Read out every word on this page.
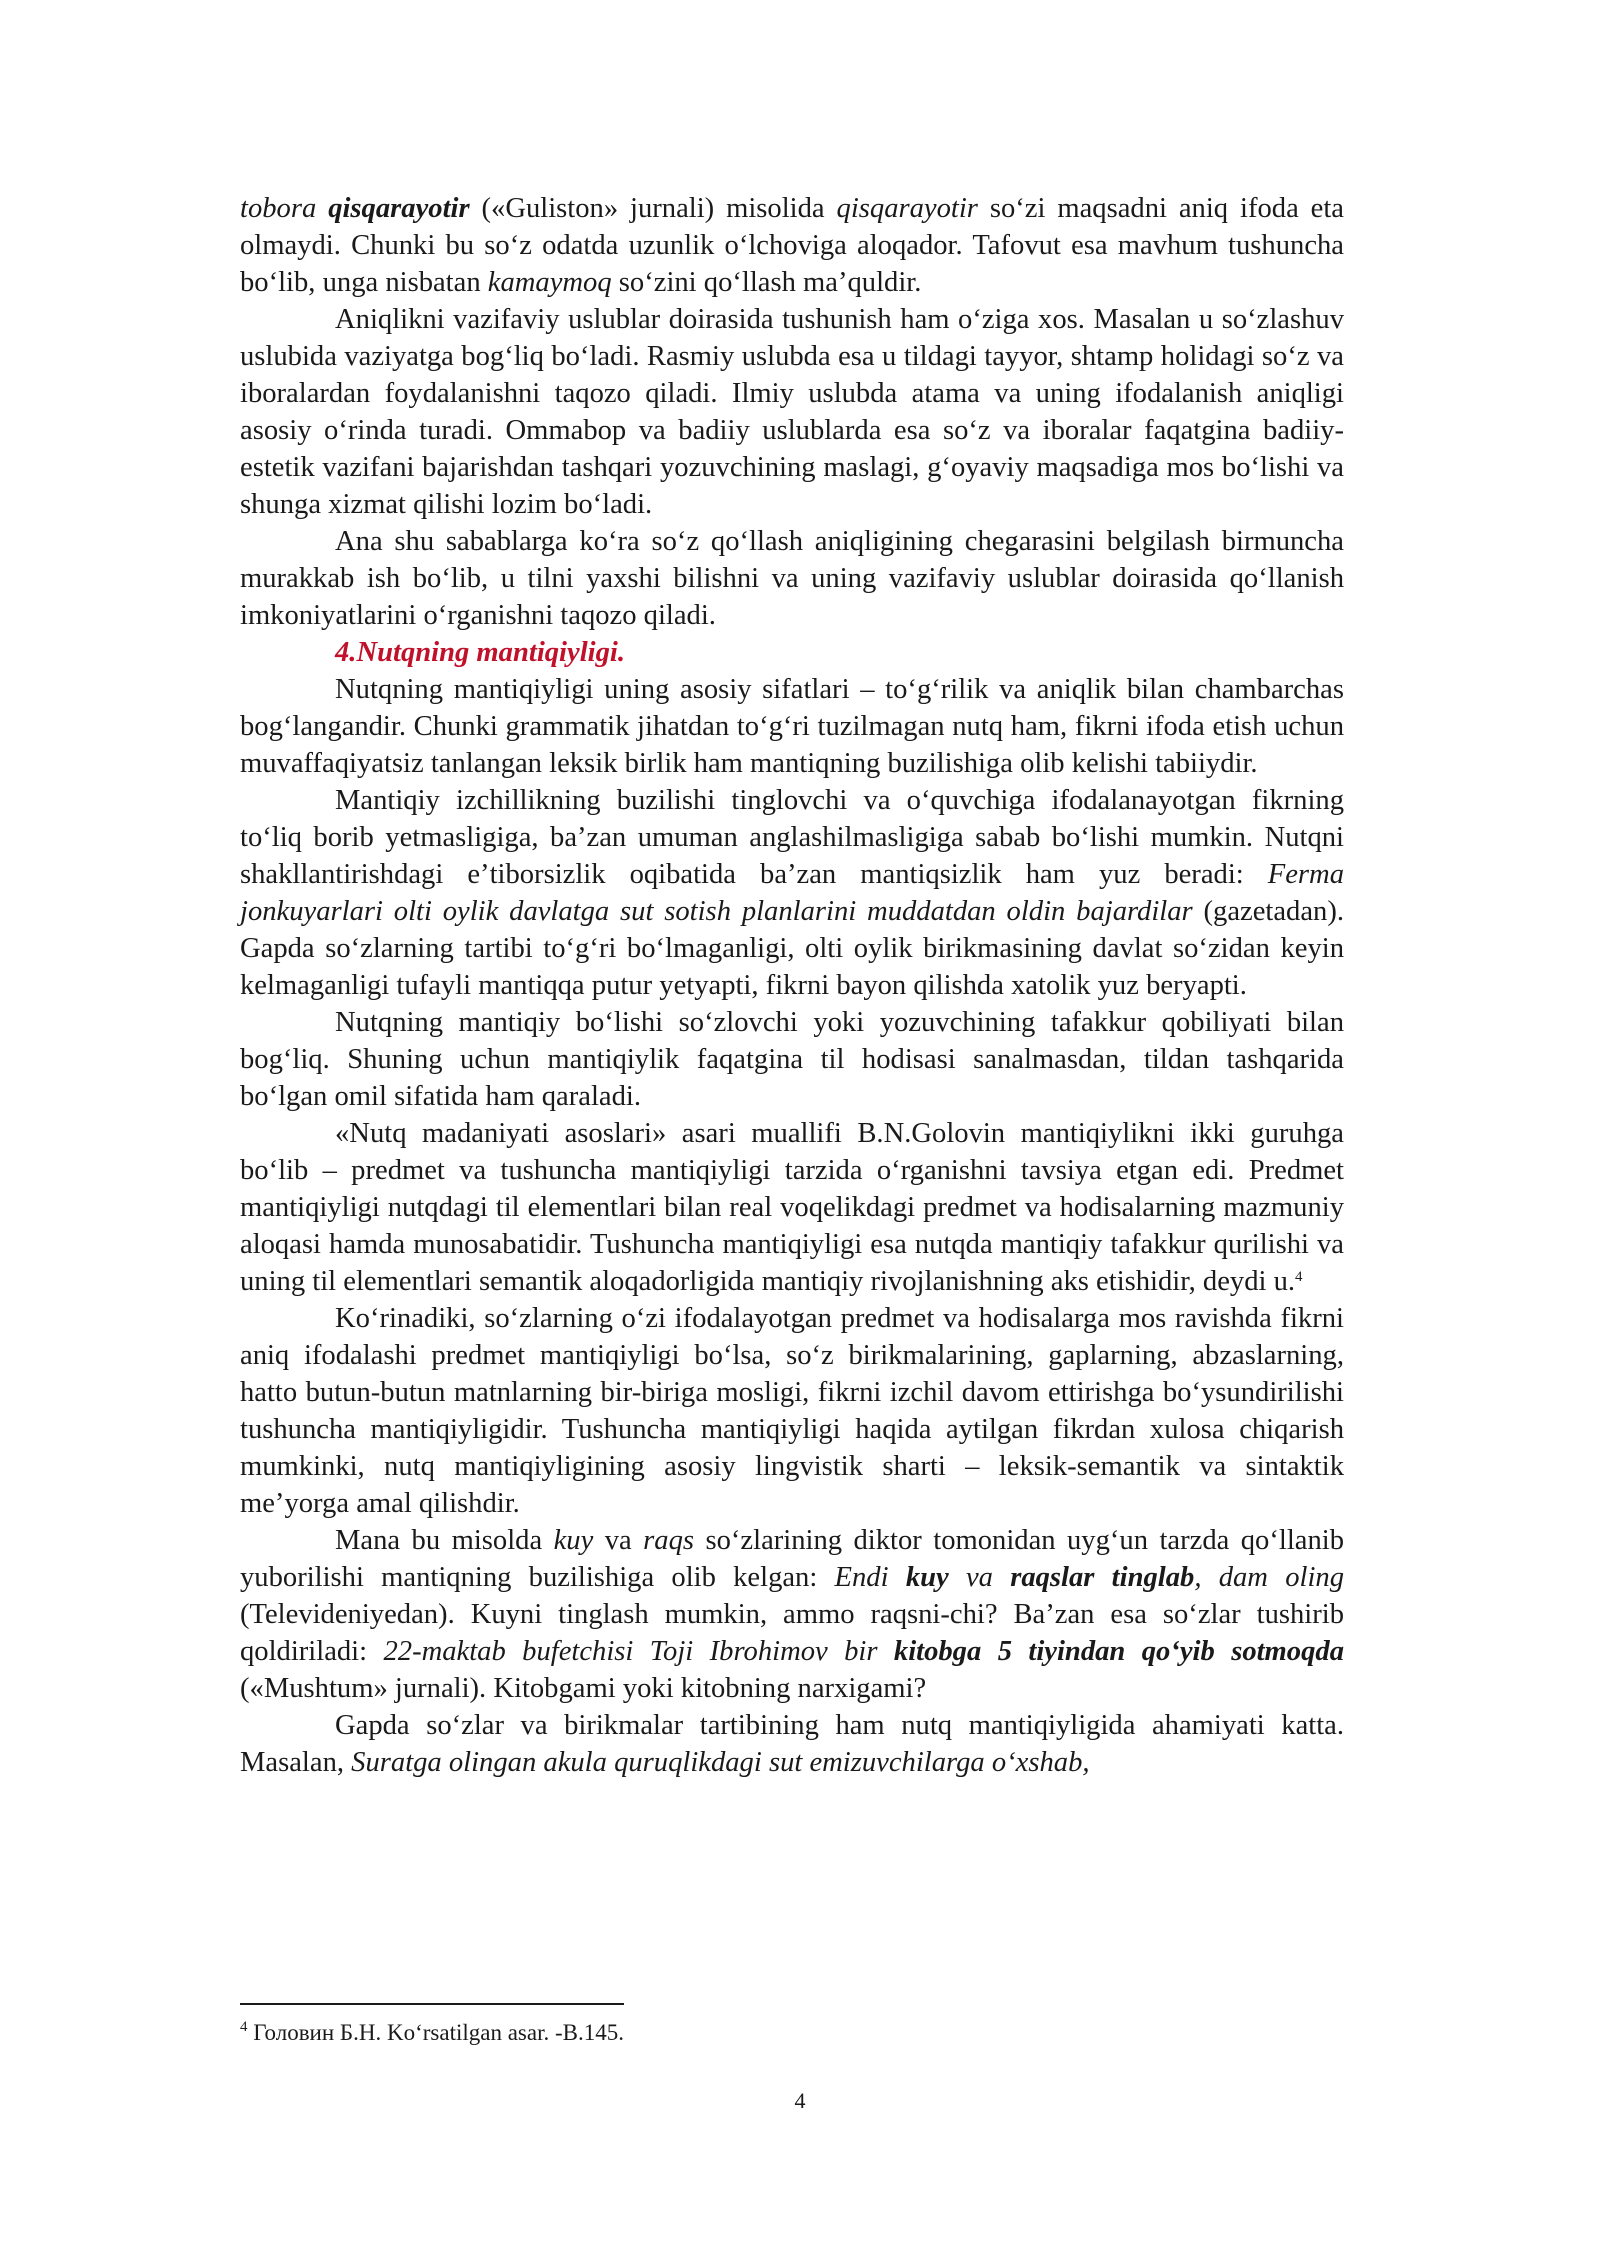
tobora qisqarayotir («Guliston» jurnali) misolida qisqarayotir soʻzi maqsadni aniq ifoda eta olmaydi. Chunki bu soʻz odatda uzunlik oʻlchoviga aloqador. Tafovut esa mavhum tushuncha boʻlib, unga nisbatan kamaymoq soʻzini qoʻllash maʼquldir.

Aniqlikni vazifaviy uslublar doirasida tushunish ham oʻziga xos. Masalan u soʻzlashuv uslubida vaziyatga bogʻliq boʻladi. Rasmiy uslubda esa u tildagi tayyor, shtamp holidagi soʻz va iboralardan foydalanishni taqozo qiladi. Ilmiy uslubda atama va uning ifodalanish aniqligi asosiy oʻrinda turadi. Ommabop va badiiy uslublarda esa soʻz va iboralar faqatgina badiiy-estetik vazifani bajarishdan tashqari yozuvchining maslagi, gʻoyaviy maqsadiga mos boʻlishi va shunga xizmat qilishi lozim boʻladi.

Ana shu sabablarga koʻra soʻz qoʻllash aniqligining chegarasini belgilash birmuncha murakkab ish boʻlib, u tilni yaxshi bilishni va uning vazifaviy uslublar doirasida qoʻllanish imkoniyatlarini oʻrganishni taqozo qiladi.

4.Nutqning mantiqiyligi.

Nutqning mantiqiyligi uning asosiy sifatlari – toʻgʻrilik va aniqlik bilan chambarchas bogʻlangandir. Chunki grammatik jihatdan toʻgʻri tuzilmagan nutq ham, fikrni ifoda etish uchun muvaffaqiyatsiz tanlangan leksik birlik ham mantiqning buzilishiga olib kelishi tabiiydir.

Mantiqiy izchillikning buzilishi tinglovchi va oʻquvchiga ifodalanayotgan fikrning toʻliq borib yetmasligiga, baʼzan umuman anglashilmasligiga sabab boʻlishi mumkin. Nutqni shakllantirishdagi eʼtiborsizlik oqibatida baʼzan mantiqsizlik ham yuz beradi: Ferma jonkuyarlari olti oylik davlatga sut sotish planlarini muddatdan oldin bajardilar (gazetadan). Gapda soʻzlarning tartibi toʻgʻri boʻlmaganligi, olti oylik birikmasining davlat soʻzidan keyin kelmaganligi tufayli mantiqqa putur yetyapti, fikrni bayon qilishda xatolik yuz beryapti.

Nutqning mantiqiy boʻlishi soʻzlovchi yoki yozuvchining tafakkur qobiliyati bilan bogʻliq. Shuning uchun mantiqiylik faqatgina til hodisasi sanalmasdan, tildan tashqarida boʻlgan omil sifatida ham qaraladi.

«Nutq madaniyati asoslari» asari muallifi B.N.Golovin mantiqiylikni ikki guruhga boʻlib – predmet va tushuncha mantiqiyligi tarzida oʻrganishni tavsiya etgan edi. Predmet mantiqiyligi nutqdagi til elementlari bilan real voqelikdagi predmet va hodisalarning mazmuniy aloqasi hamda munosabatidir. Tushuncha mantiqiyligi esa nutqda mantiqiy tafakkur qurilishi va uning til elementlari semantik aloqadorligida mantiqiy rivojlanishning aks etishidir, deydi u.$^4$

Koʻrinadiki, soʻzlarning oʻzi ifodalayotgan predmet va hodisalarga mos ravishda fikrni aniq ifodalashi predmet mantiqiyligi boʻlsa, soʻz birikmalarining, gaplarning, abzaslarning, hatto butun-butun matnlarning bir-biriga mosligi, fikrni izchil davom ettirishga boʻysundirilishi tushuncha mantiqiyligidir. Tushuncha mantiqiyligi haqida aytilgan fikrdan xulosa chiqarish mumkinki, nutq mantiqiyligining asosiy lingvistik sharti – leksik-semantik va sintaktik meʼyorga amal qilishdir.

Mana bu misolda kuy va raqs soʻzlarining diktor tomonidan uygʻun tarzda qoʻllanib yuborilishi mantiqning buzilishiga olib kelgan: Endi kuy va raqslar tinglab, dam oling (Televideniyedan). Kuyni tinglash mumkin, ammo raqsni-chi? Baʼzan esa soʻzlar tushirib qoldiriladi: 22-maktab bufetchisi Toji Ibrohimov bir kitobga 5 tiyindan qoʻyib sotmoqda («Mushtum» jurnali). Kitobgami yoki kitobning narxigami?

Gapda soʻzlar va birikmalar tartibining ham nutq mantiqiyligida ahamiyati katta. Masalan, Suratga olingan akula quruqlikdagi sut emizuvchilarga oʻxshab,

$^4$ Головин Б.Н. Koʻrsatilgan asar. -B.145.
4
